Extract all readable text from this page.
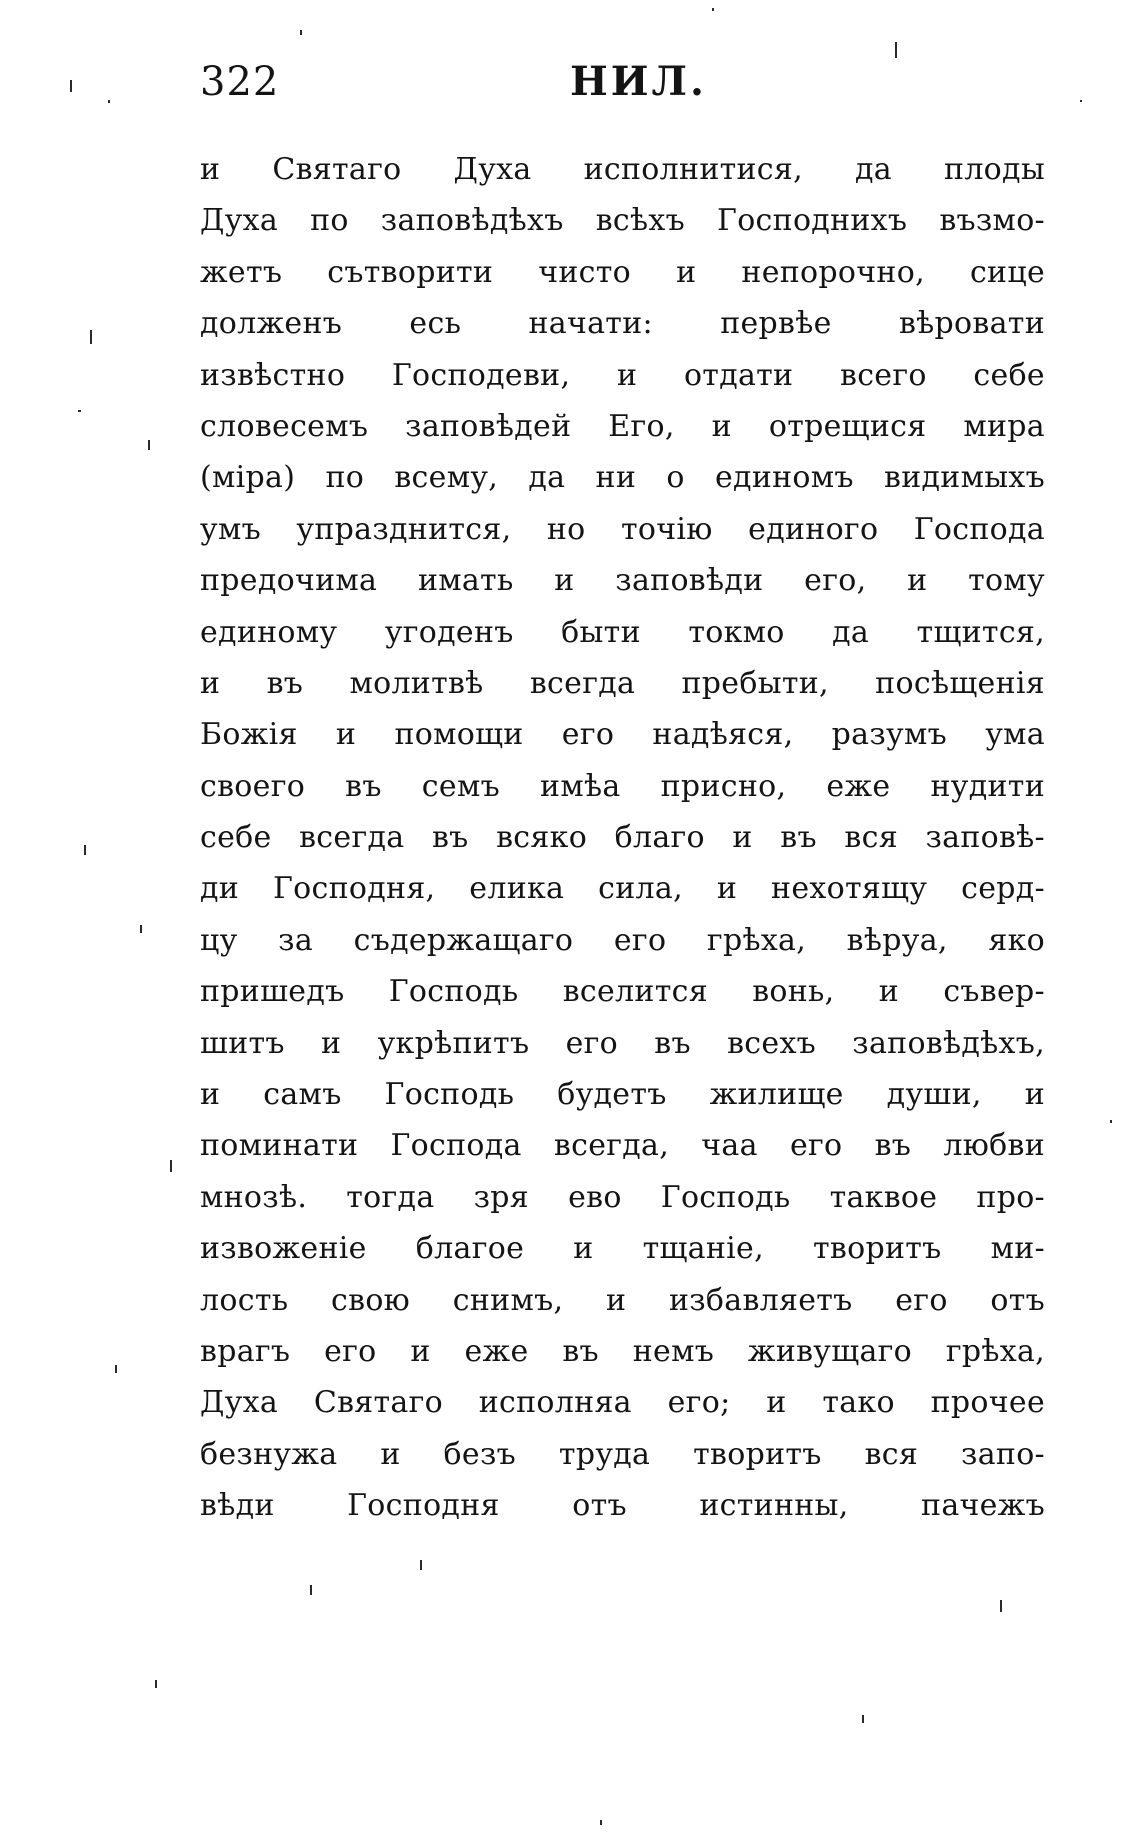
322	НИЛ.
и Святаго Духа исполнитися, да плоды
Духа по заповѣдѣхъ всѣхъ Господнихъ възмо-
жетъ сътворити чисто и непорочно, сице
долженъ есь начати: первѣе вѣровати
извѣстно Господеви, и отдати всего себе
словесемъ заповѣдей Его, и отрещися мира
(міра) по всему, да ни о единомъ видимыхъ
умъ упразднится, но точію единого Господа
предочима имать и заповѣди его, и тому
единому угоденъ быти токмо да тщится,
и въ молитвѣ всегда пребыти, посѣщенія
Божія и помощи его надѣяся, разумъ ума
своего въ семъ имѣа присно, еже нудити
себе всегда въ всяко благо и въ вся заповѣ-
ди Господня, елика сила, и нехотящу серд-
цу за съдержащаго его грѣха, вѣруа, яко
пришедъ Господь вселится вонь, и съвер-
шитъ и укрѣпитъ его въ всехъ заповѣдѣхъ,
и самъ Господь будетъ жилище души, и
поминати Господа всегда, чаа его въ любви
мнозѣ. тогда зря ево Господь таквое про-
извоженіе благое и тщаніе, творитъ ми-
лость свою снимъ, и избавляетъ его отъ
врагъ его и еже въ немъ живущаго грѣха,
Духа Святаго исполняа его; и тако прочее
безнужа и безъ труда творитъ вся запо-
вѣди Господня отъ истинны, пачежъ
